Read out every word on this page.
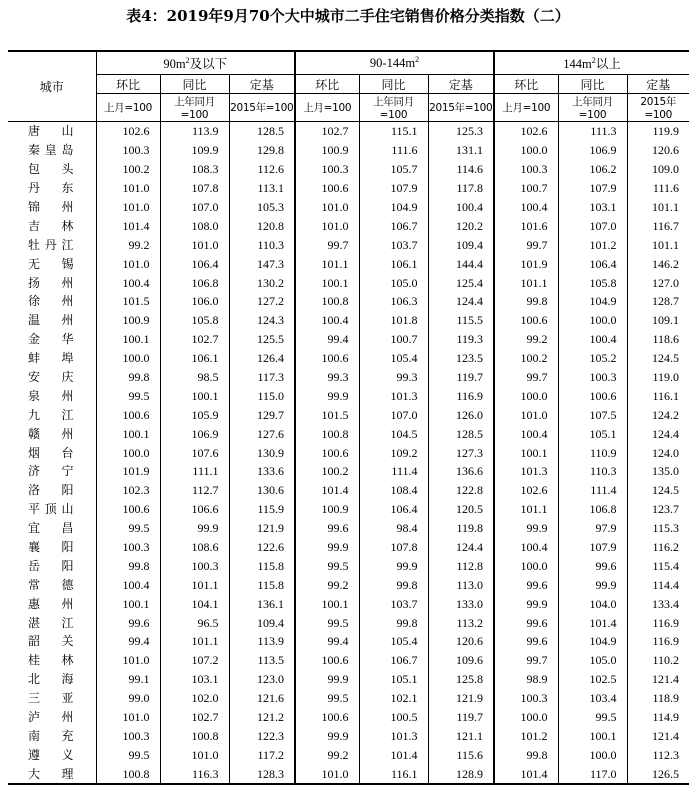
表4：2019年9月70个大中城市二手住宅销售价格分类指数（二）
城市	$90m^2$及以下			$90-144m^2$			$144m^2$以上		
	环比	同比	定基	环比	同比	定基	环比	同比	定基
	上月=100	上年同月=100	2015年=100	上月=100	上年同月=100	2015年=100	上月=100	上年同月=100	2015年=100
唐山	102.6	113.9	128.5	102.7	115.1	125.3	102.6	111.3	119.9
秦皇岛	100.3	109.9	129.8	100.9	111.6	131.1	100.0	106.9	120.6
包头	100.2	108.3	112.6	100.3	105.7	114.6	100.3	106.2	109.0
丹东	101.0	107.8	113.1	100.6	107.9	117.8	100.7	107.9	111.6
锦州	101.0	107.0	105.3	101.0	104.9	100.4	100.4	103.1	101.1
吉林	101.4	108.0	120.8	101.0	106.7	120.2	101.6	107.0	116.7
牡丹江	99.2	101.0	110.3	99.7	103.7	109.4	99.7	101.2	101.1
无锡	101.0	106.4	147.3	101.1	106.1	144.4	101.9	106.4	146.2
扬州	100.4	106.8	130.2	100.1	105.0	125.4	101.1	105.8	127.0
徐州	101.5	106.0	127.2	100.8	106.3	124.4	99.8	104.9	128.7
温州	100.9	105.8	124.3	100.4	101.8	115.5	100.6	100.0	109.1
金华	100.1	102.7	125.5	99.4	100.7	119.3	99.2	100.4	118.6
蚌埠	100.0	106.1	126.4	100.6	105.4	123.5	100.2	105.2	124.5
安庆	99.8	98.5	117.3	99.3	99.3	119.7	99.7	100.3	119.0
泉州	99.5	100.1	115.0	99.9	101.3	116.9	100.0	100.6	116.1
九江	100.6	105.9	129.7	101.5	107.0	126.0	101.0	107.5	124.2
赣州	100.1	106.9	127.6	100.8	104.5	128.5	100.4	105.1	124.4
烟台	100.0	107.6	130.9	100.6	109.2	127.3	100.1	110.9	124.0
济宁	101.9	111.1	133.6	100.2	111.4	136.6	101.3	110.3	135.0
洛阳	102.3	112.7	130.6	101.4	108.4	122.8	102.6	111.4	124.5
平顶山	100.6	106.6	115.9	100.9	106.4	120.5	101.1	106.8	123.7
宜昌	99.5	99.9	121.9	99.6	98.4	119.8	99.9	97.9	115.3
襄阳	100.3	108.6	122.6	99.9	107.8	124.4	100.4	107.9	116.2
岳阳	99.8	100.3	115.8	99.5	99.9	112.8	100.0	99.6	115.4
常德	100.4	101.1	115.8	99.2	99.8	113.0	99.6	99.9	114.4
惠州	100.1	104.1	136.1	100.1	103.7	133.0	99.9	104.0	133.4
湛江	99.6	96.5	109.4	99.5	99.8	113.2	99.6	101.4	116.9
韶关	99.4	101.1	113.9	99.4	105.4	120.6	99.6	104.9	116.9
桂林	101.0	107.2	113.5	100.6	106.7	109.6	99.7	105.0	110.2
北海	99.1	103.1	123.0	99.9	105.1	125.8	98.9	102.5	121.4
三亚	99.0	102.0	121.6	99.5	102.1	121.9	100.3	103.4	118.9
泸州	101.0	102.7	121.2	100.6	100.5	119.7	100.0	99.5	114.9
南充	100.3	100.8	122.3	99.9	101.3	121.1	101.2	100.1	121.4
遵义	99.5	101.0	117.2	99.2	101.4	115.6	99.8	100.0	112.3
大理	100.8	116.3	128.3	101.0	116.1	128.9	101.4	117.0	126.5
